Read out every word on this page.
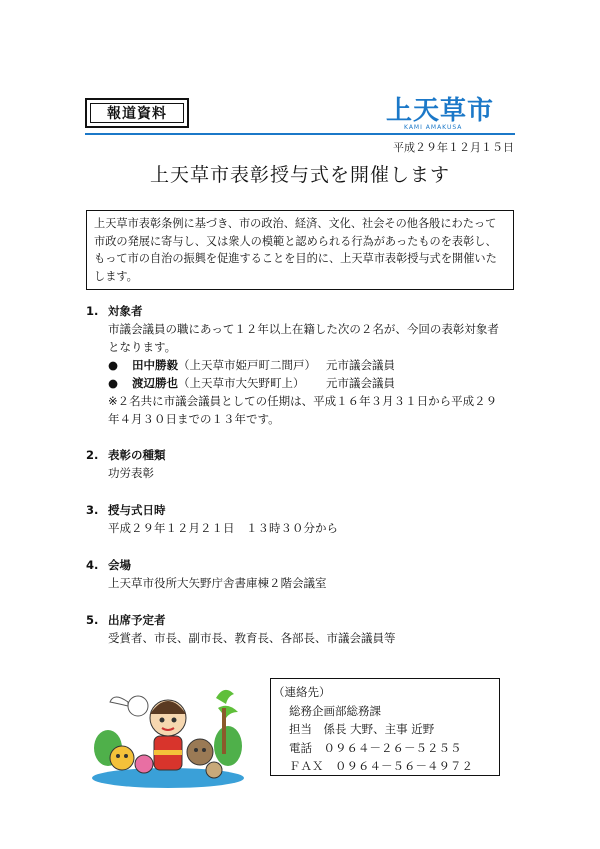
報道資料	上天草市
KAMI AMAKUSA
平成２９年１２月１５日
上天草市表彰授与式を開催します
上天草市表彰条例に基づき、市の政治、経済、文化、社会その他各般にわたって市政の発展に寄与し、又は衆人の模範と認められる行為があったものを表彰し、もって市の自治の振興を促進することを目的に、上天草市表彰授与式を開催いたします。
1. 対象者
市議会議員の職にあって１２年以上在籍した次の２名が、今回の表彰対象者
となります。
●	田中勝毅 （上天草市姫戸町二間戸） 元市議会議員
●	渡辺勝也 （上天草市大矢野町上）	元市議会議員
※２名共に市議会議員としての任期は、平成１６年３月３１日から平成２９
年４月３０日までの１３年です。
2. 表彰の種類
功労表彰
3. 授与式日時
平成２９年１２月２１日　１３時３０分から
4. 会場
上天草市役所大矢野庁舎書庫棟２階会議室
5. 出席予定者
受賞者、市長、副市長、教育長、各部長、市議会議員等
（連絡先）
総務企画部総務課
担当　係長 大野、主事 近野
電話　０９６４－２６－５２５５
ＦＡＸ　０９６４－５６－４９７２
